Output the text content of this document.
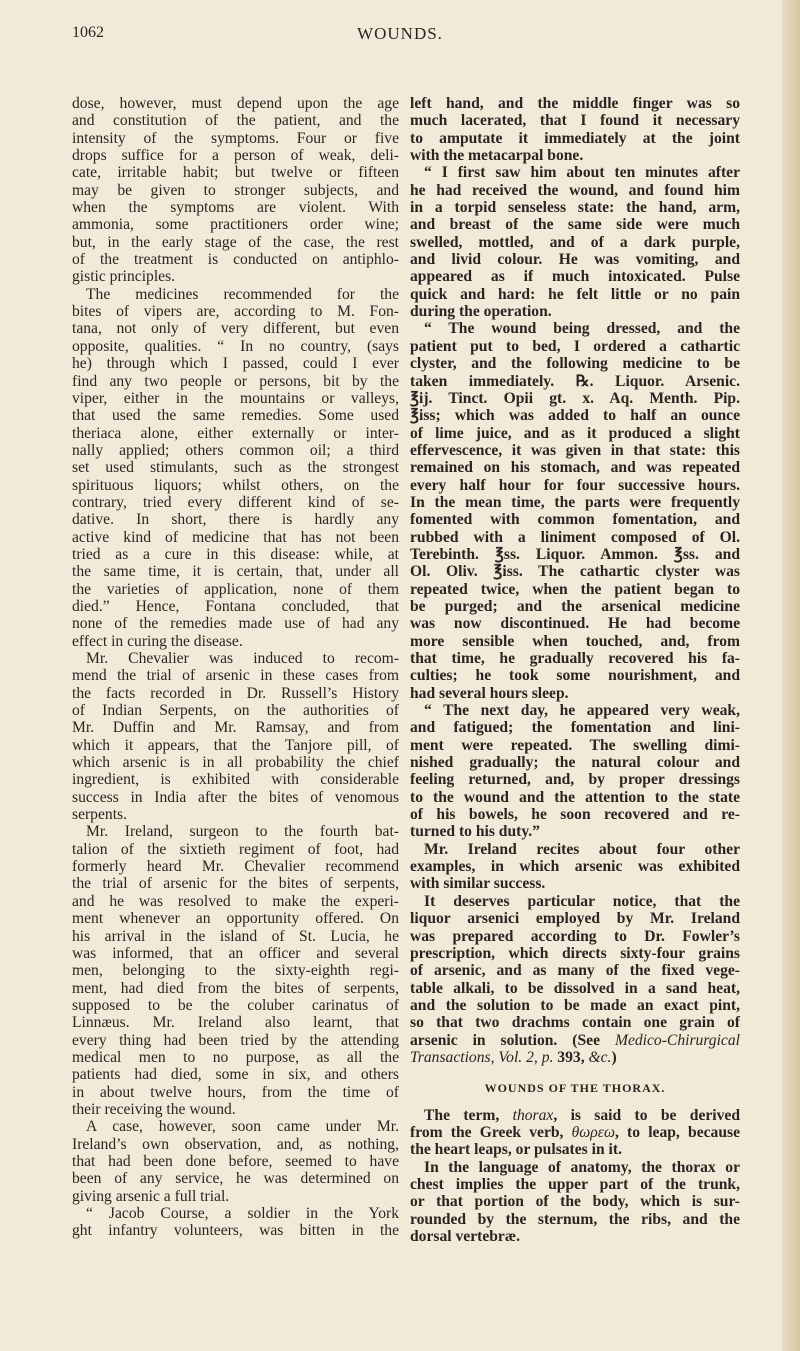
1062	WOUNDS.
dose, however, must depend upon the age
and constitution of the patient, and the
intensity of the symptoms. Four or five
drops suffice for a person of weak, deli-
cate, irritable habit; but twelve or fifteen
may be given to stronger subjects, and
when the symptoms are violent. With
ammonia, some practitioners order wine;
but, in the early stage of the case, the rest
of the treatment is conducted on antiphlo-
gistic principles.
The medicines recommended for the
bites of vipers are, according to M. Fon-
tana, not only of very different, but even
opposite, qualities. “ In no country, (says
he) through which I passed, could I ever
find any two people or persons, bit by the
viper, either in the mountains or valleys,
that used the same remedies. Some used
theriaca alone, either externally or inter-
nally applied; others common oil; a third
set used stimulants, such as the strongest
spirituous liquors; whilst others, on the
contrary, tried every different kind of se-
dative. In short, there is hardly any
active kind of medicine that has not been
tried as a cure in this disease: while, at
the same time, it is certain, that, under all
the varieties of application, none of them
died.” Hence, Fontana concluded, that
none of the remedies made use of had any
effect in curing the disease.
Mr. Chevalier was induced to recom-
mend the trial of arsenic in these cases from
the facts recorded in Dr. Russell’s History
of Indian Serpents, on the authorities of
Mr. Duffin and Mr. Ramsay, and from
which it appears, that the Tanjore pill, of
which arsenic is in all probability the chief
ingredient, is exhibited with considerable
success in India after the bites of venomous
serpents.
Mr. Ireland, surgeon to the fourth bat-
talion of the sixtieth regiment of foot, had
formerly heard Mr. Chevalier recommend
the trial of arsenic for the bites of serpents,
and he was resolved to make the experi-
ment whenever an opportunity offered. On
his arrival in the island of St. Lucia, he
was informed, that an officer and several
men, belonging to the sixty-eighth regi-
ment, had died from the bites of serpents,
supposed to be the coluber carinatus of
Linnæus. Mr. Ireland also learnt, that
every thing had been tried by the attending
medical men to no purpose, as all the
patients had died, some in six, and others
in about twelve hours, from the time of
their receiving the wound.
A case, however, soon came under Mr.
Ireland’s own observation, and, as nothing,
that had been done before, seemed to have
been of any service, he was determined on
giving arsenic a full trial.
“ Jacob Course, a soldier in the York
ght infantry volunteers, was bitten in the
left hand, and the middle finger was so
much lacerated, that I found it necessary
to amputate it immediately at the joint
with the metacarpal bone.
“ I first saw him about ten minutes after
he had received the wound, and found him
in a torpid senseless state: the hand, arm,
and breast of the same side were much
swelled, mottled, and of a dark purple,
and livid colour. He was vomiting, and
appeared as if much intoxicated. Pulse
quick and hard: he felt little or no pain
during the operation.
“ The wound being dressed, and the
patient put to bed, I ordered a cathartic
clyster, and the following medicine to be
taken immediately. ℞. Liquor. Arsenic.
℥ij. Tinct. Opii gt. x. Aq. Menth. Pip.
℥iss; which was added to half an ounce
of lime juice, and as it produced a slight
effervescence, it was given in that state: this
remained on his stomach, and was repeated
every half hour for four successive hours.
In the mean time, the parts were frequently
fomented with common fomentation, and
rubbed with a liniment composed of Ol.
Terebinth. ℥ss. Liquor. Ammon. ℥ss. and
Ol. Oliv. ℥iss. The cathartic clyster was
repeated twice, when the patient began to
be purged; and the arsenical medicine
was now discontinued. He had become
more sensible when touched, and, from
that time, he gradually recovered his fa-
culties; he took some nourishment, and
had several hours sleep.
“ The next day, he appeared very weak,
and fatigued; the fomentation and lini-
ment were repeated. The swelling dimi-
nished gradually; the natural colour and
feeling returned, and, by proper dressings
to the wound and the attention to the state
of his bowels, he soon recovered and re-
turned to his duty.”
Mr. Ireland recites about four other
examples, in which arsenic was exhibited
with similar success.
It deserves particular notice, that the
liquor arsenici employed by Mr. Ireland
was prepared according to Dr. Fowler’s
prescription, which directs sixty-four grains
of arsenic, and as many of the fixed vege-
table alkali, to be dissolved in a sand heat,
and the solution to be made an exact pint,
so that two drachms contain one grain of
arsenic in solution. (See Medico-Chirurgical
Transactions, Vol. 2, p. 393, &c.)
WOUNDS OF THE THORAX.
The term, thorax, is said to be derived
from the Greek verb, θωρεω, to leap, because
the heart leaps, or pulsates in it.
In the language of anatomy, the thorax or
chest implies the upper part of the trunk,
or that portion of the body, which is sur-
rounded by the sternum, the ribs, and the
dorsal vertebræ.
